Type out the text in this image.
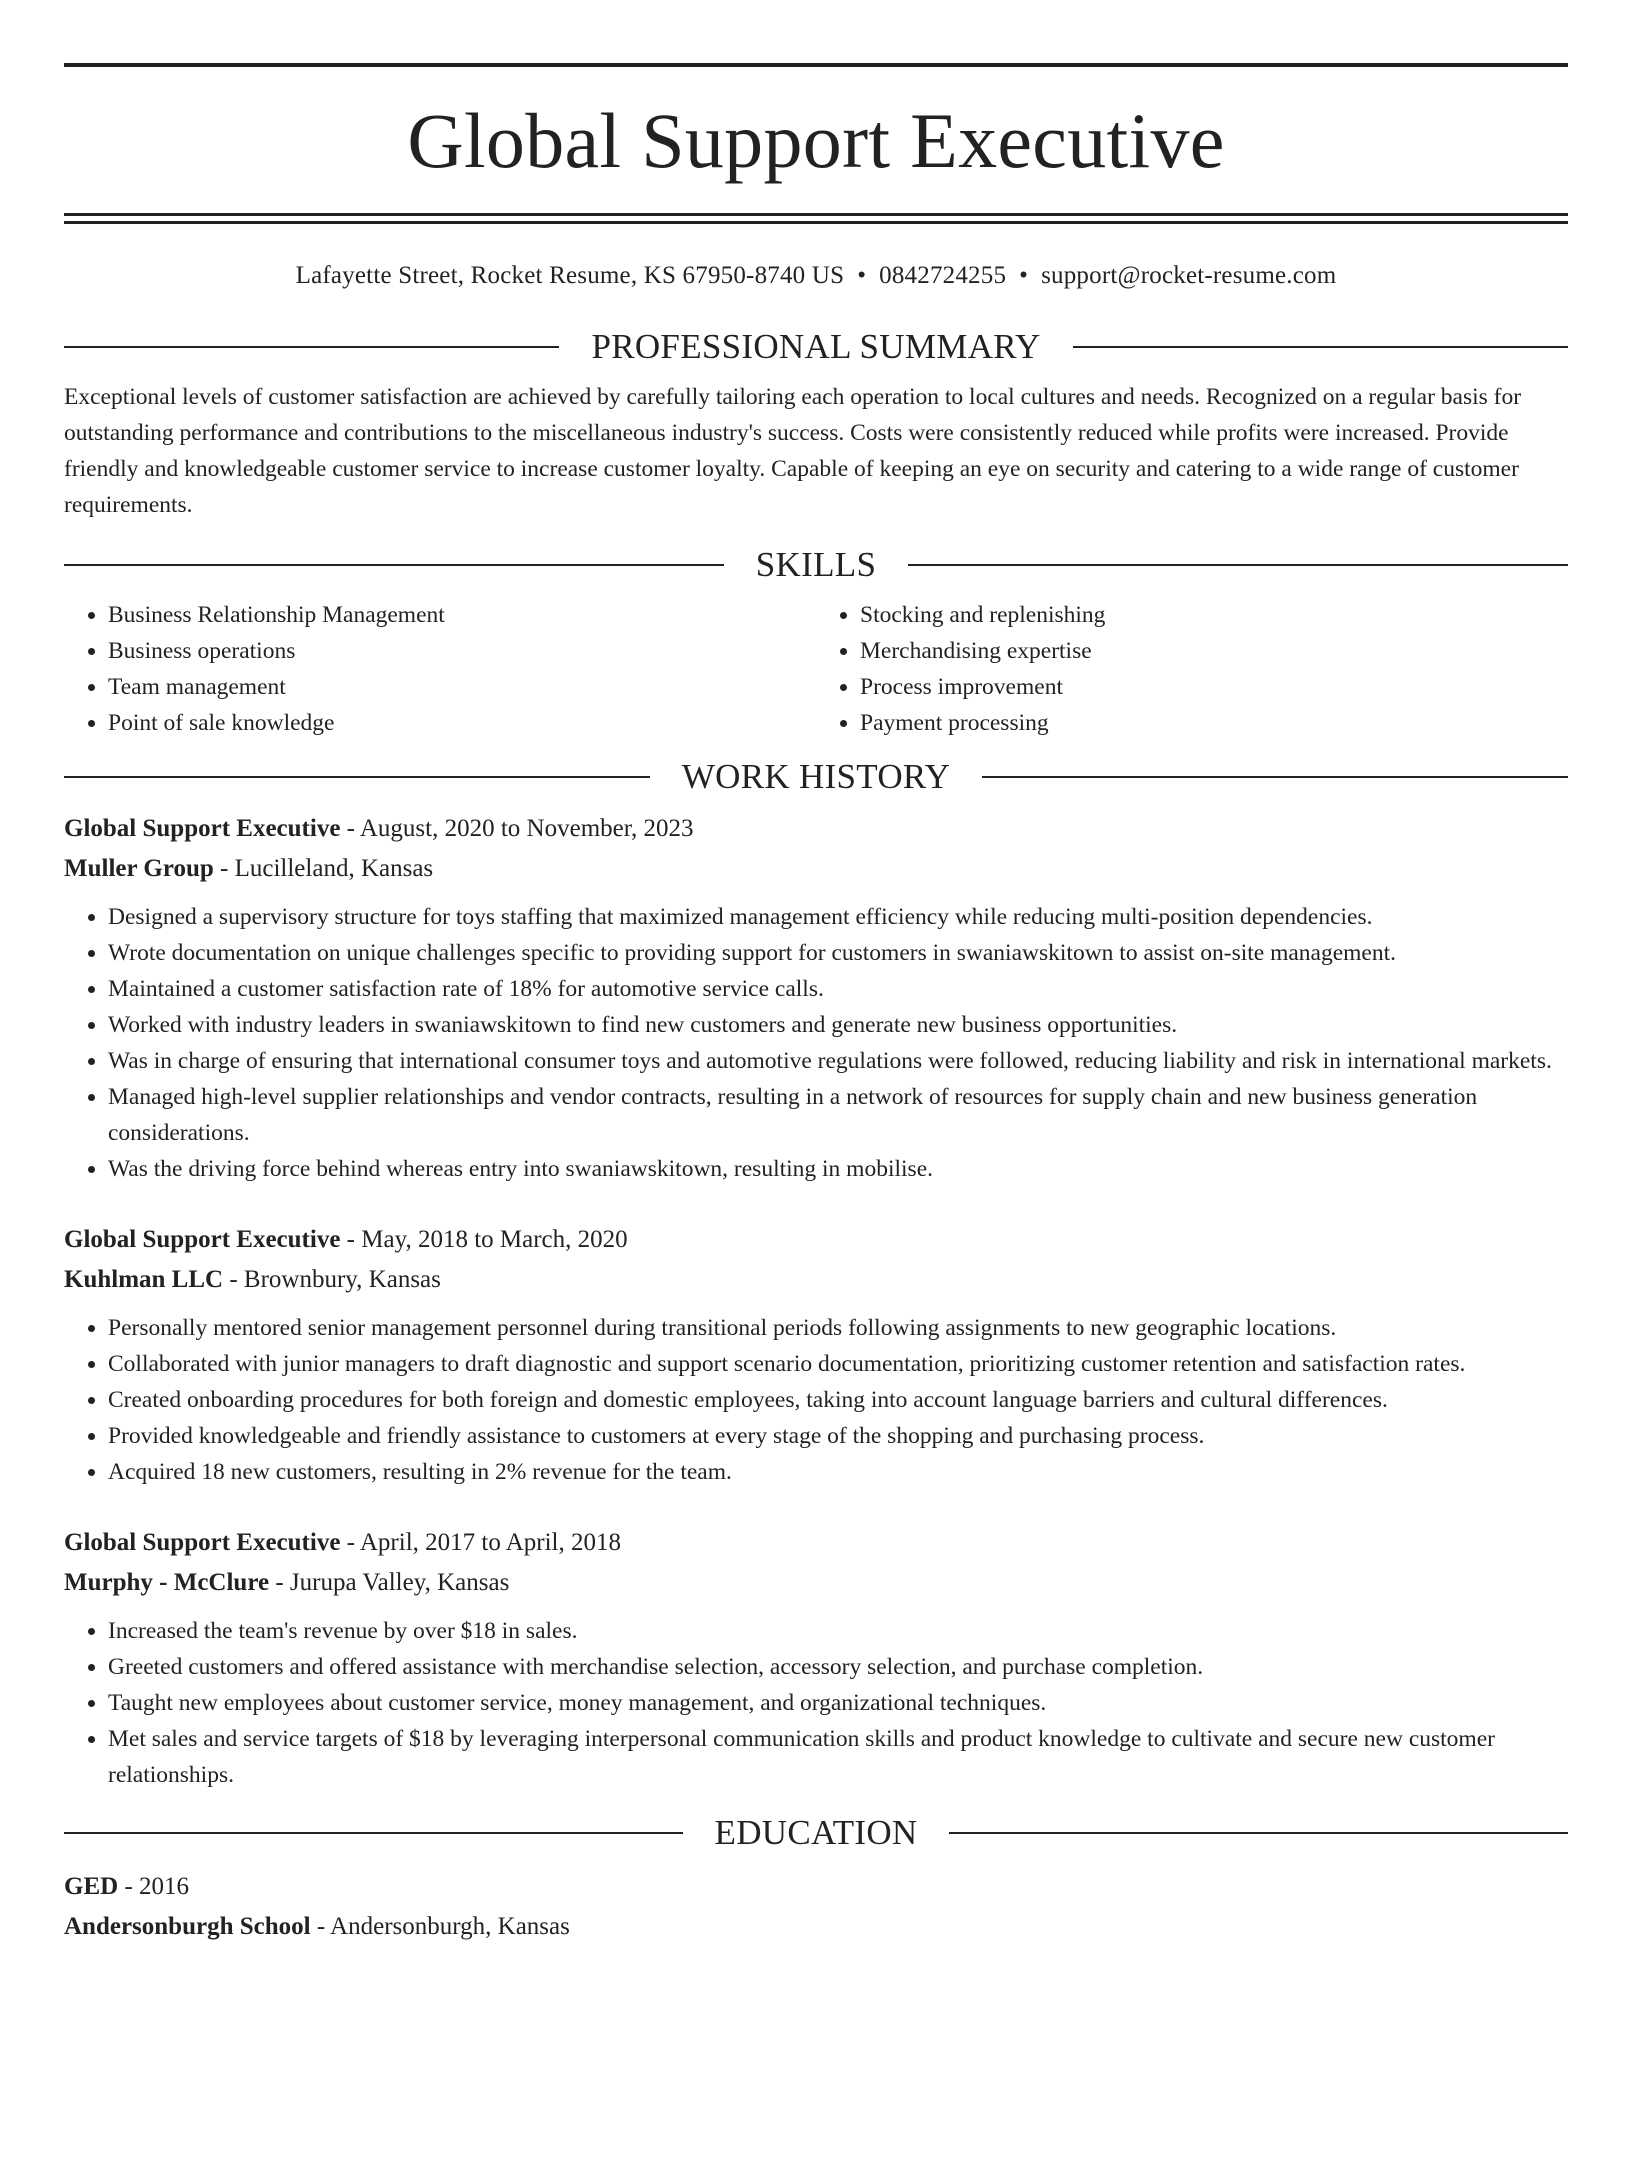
Global Support Executive
Lafayette Street, Rocket Resume, KS 67950-8740 US • 0842724255 • support@rocket-resume.com
PROFESSIONAL SUMMARY
Exceptional levels of customer satisfaction are achieved by carefully tailoring each operation to local cultures and needs. Recognized on a regular basis for outstanding performance and contributions to the miscellaneous industry's success. Costs were consistently reduced while profits were increased. Provide friendly and knowledgeable customer service to increase customer loyalty. Capable of keeping an eye on security and catering to a wide range of customer requirements.
SKILLS
• Business Relationship Management
• Business operations
• Team management
• Point of sale knowledge
• Stocking and replenishing
• Merchandising expertise
• Process improvement
• Payment processing
WORK HISTORY
Global Support Executive - August, 2020 to November, 2023
Muller Group - Lucilleland, Kansas
• Designed a supervisory structure for toys staffing that maximized management efficiency while reducing multi-position dependencies.
• Wrote documentation on unique challenges specific to providing support for customers in swaniawskitown to assist on-site management.
• Maintained a customer satisfaction rate of 18% for automotive service calls.
• Worked with industry leaders in swaniawskitown to find new customers and generate new business opportunities.
• Was in charge of ensuring that international consumer toys and automotive regulations were followed, reducing liability and risk in international markets.
• Managed high-level supplier relationships and vendor contracts, resulting in a network of resources for supply chain and new business generation considerations.
• Was the driving force behind whereas entry into swaniawskitown, resulting in mobilise.
Global Support Executive - May, 2018 to March, 2020
Kuhlman LLC - Brownbury, Kansas
• Personally mentored senior management personnel during transitional periods following assignments to new geographic locations.
• Collaborated with junior managers to draft diagnostic and support scenario documentation, prioritizing customer retention and satisfaction rates.
• Created onboarding procedures for both foreign and domestic employees, taking into account language barriers and cultural differences.
• Provided knowledgeable and friendly assistance to customers at every stage of the shopping and purchasing process.
• Acquired 18 new customers, resulting in 2% revenue for the team.
Global Support Executive - April, 2017 to April, 2018
Murphy - McClure - Jurupa Valley, Kansas
• Increased the team's revenue by over $18 in sales.
• Greeted customers and offered assistance with merchandise selection, accessory selection, and purchase completion.
• Taught new employees about customer service, money management, and organizational techniques.
• Met sales and service targets of $18 by leveraging interpersonal communication skills and product knowledge to cultivate and secure new customer relationships.
EDUCATION
GED - 2016
Andersonburgh School - Andersonburgh, Kansas
